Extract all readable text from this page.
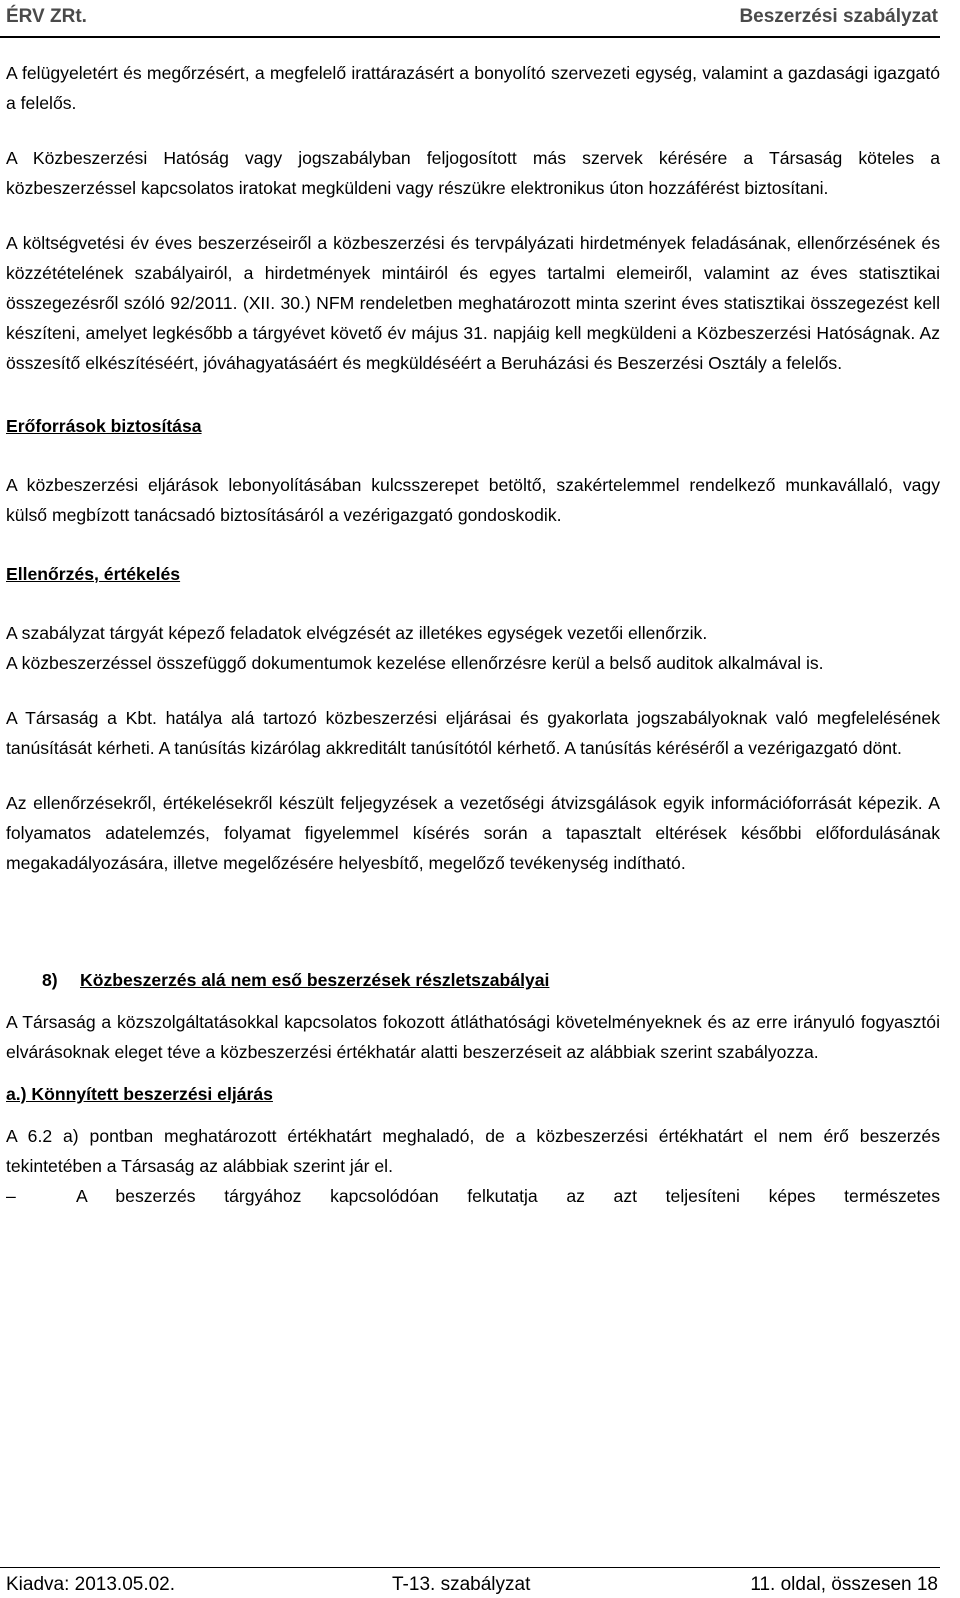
ÉRV ZRt.	Beszerzési szabályzat

A felügyeletért és megőrzésért, a megfelelő irattárazásért a bonyolító szervezeti egység, valamint a gazdasági igazgató a felelős.

A Közbeszerzési Hatóság vagy jogszabályban feljogosított más szervek kérésére a Társaság köteles a közbeszerzéssel kapcsolatos iratokat megküldeni vagy részükre elektronikus úton hozzáférést biztosítani.

A költségvetési év éves beszerzéseiről a közbeszerzési és tervpályázati hirdetmények feladásának, ellenőrzésének és közzétételének szabályairól, a hirdetmények mintáiról és egyes tartalmi elemeiről, valamint az éves statisztikai összegezésről szóló 92/2011. (XII. 30.) NFM rendeletben meghatározott minta szerint éves statisztikai összegezést kell készíteni, amelyet legkésőbb a tárgyévet követő év május 31. napjáig kell megküldeni a Közbeszerzési Hatóságnak. Az összesítő elkészítéséért, jóváhagyatásáért és megküldéséért a Beruházási és Beszerzési Osztály a felelős.

Erőforrások biztosítása

A közbeszerzési eljárások lebonyolításában kulcsszerepet betöltő, szakértelemmel rendelkező munkavállaló, vagy külső megbízott tanácsadó biztosításáról a vezérigazgató gondoskodik.

Ellenőrzés, értékelés

A szabályzat tárgyát képező feladatok elvégzését az illetékes egységek vezetői ellenőrzik.

A közbeszerzéssel összefüggő dokumentumok kezelése ellenőrzésre kerül a belső auditok alkalmával is.

A Társaság a Kbt. hatálya alá tartozó közbeszerzési eljárásai és gyakorlata jogszabályoknak való megfelelésének tanúsítását kérheti. A tanúsítás kizárólag akkreditált tanúsítótól kérhető. A tanúsítás kéréséről a vezérigazgató dönt.

Az ellenőrzésekről, értékelésekről készült feljegyzések a vezetőségi átvizsgálások egyik információforrását képezik. A folyamatos adatelemzés, folyamat figyelemmel kísérés során a tapasztalt eltérések későbbi előfordulásának megakadályozására, illetve megelőzésére helyesbítő, megelőző tevékenység indítható.

8) Közbeszerzés alá nem eső beszerzések részletszabályai

A Társaság a közszolgáltatásokkal kapcsolatos fokozott átláthatósági követelményeknek és az erre irányuló fogyasztói elvárásoknak eleget téve a közbeszerzési értékhatár alatti beszerzéseit az alábbiak szerint szabályozza.

a.) Könnyített beszerzési eljárás

A 6.2 a) pontban meghatározott értékhatárt meghaladó, de a közbeszerzési értékhatárt el nem érő beszerzés tekintetében a Társaság az alábbiak szerint jár el.

–	A beszerzés tárgyához kapcsolódóan felkutatja az azt teljesíteni képes természetes
Kiadva: 2013.05.02.	T-13. szabályzat	11. oldal, összesen 18
